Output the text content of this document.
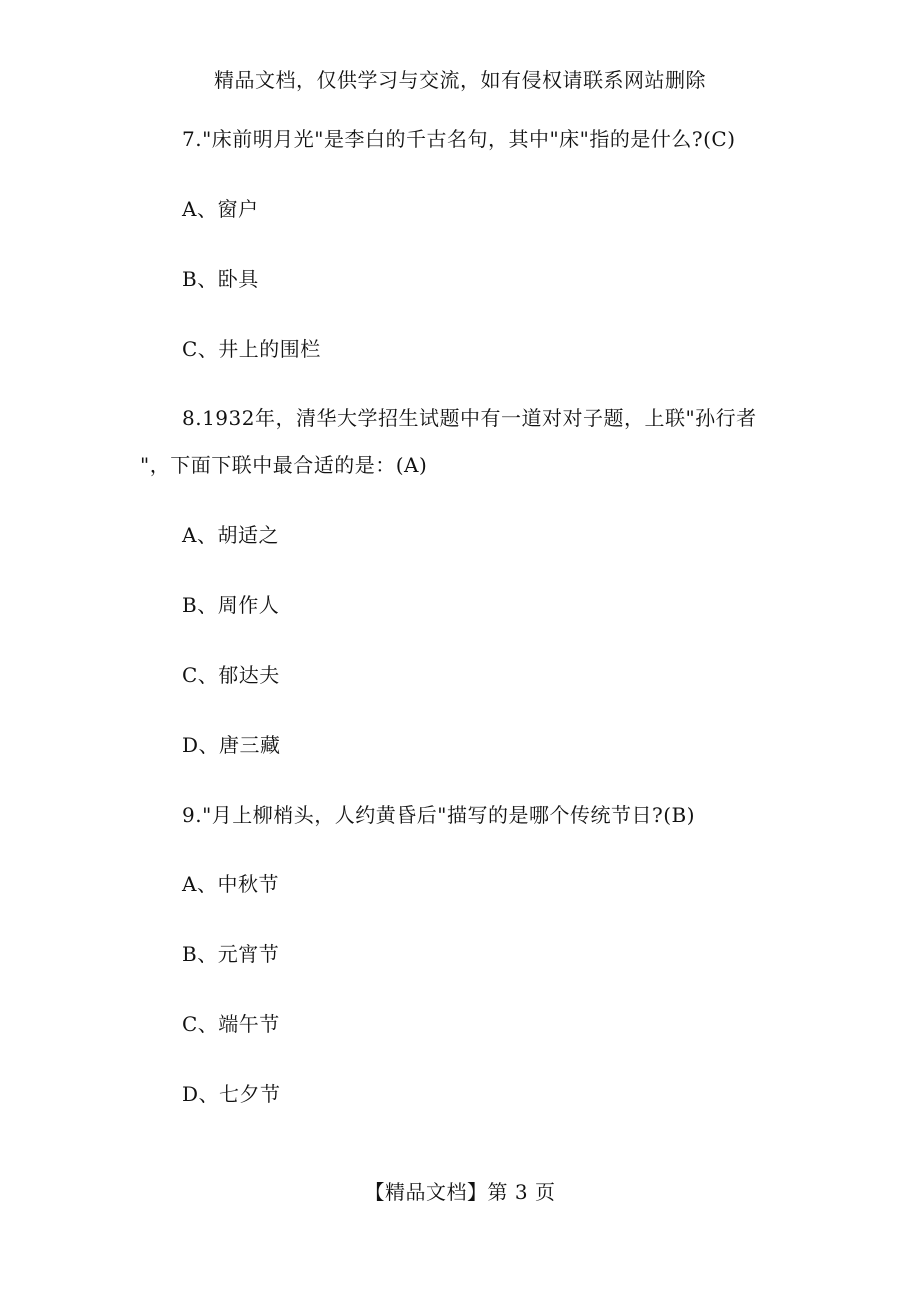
精品文档，仅供学习与交流，如有侵权请联系网站删除
7."床前明月光"是李白的千古名句，其中"床"指的是什么?(C)
A、窗户
B、卧具
C、井上的围栏
8.1932年，清华大学招生试题中有一道对对子题，上联"孙行者
"，下面下联中最合适的是：(A)
A、胡适之
B、周作人
C、郁达夫
D、唐三藏
9."月上柳梢头，人约黄昏后"描写的是哪个传统节日?(B)
A、中秋节
B、元宵节
C、端午节
D、七夕节
【精品文档】第 3 页
